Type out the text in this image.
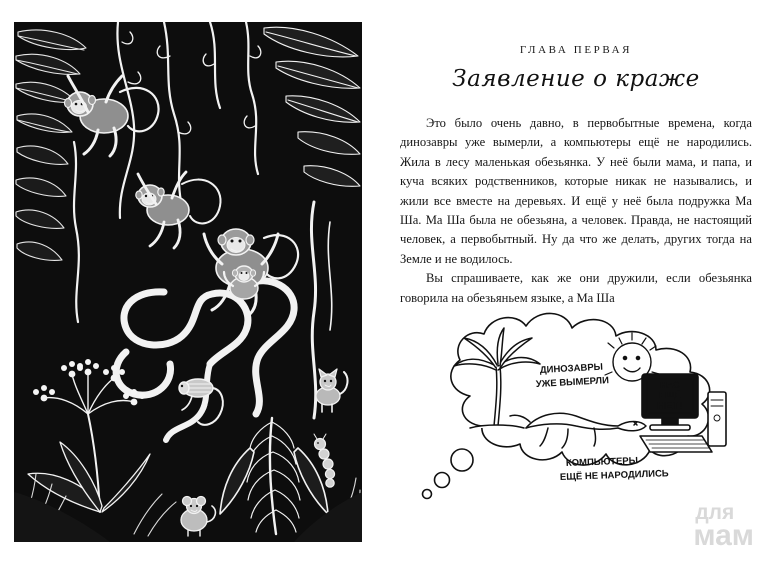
ГЛАВА ПЕРВАЯ
Заявление о краже

Это было очень давно, в первобытные времена, когда динозавры уже вымерли, а компьютеры ещё не народились. Жила в лесу маленькая обезьянка. У неё были мама, и папа, и куча всяких родственников, которые никак не назывались, и жили все вместе на деревьях. И ещё у неё была подружка Ма Ша. Ма Ша была не обезьяна, а человек. Правда, не настоящий человек, а первобытный. Ну да что же делать, других тогда на Земле и не водилось.

Вы спрашиваете, как же они дружили, если обезьянка говорила на обезьяньем языке, а Ма Ша

НАС
ЕЩЁ
НЕТ!
ДИНОЗАВРЫ
УЖЕ ВЫМЕРЛИ
КОМПЬЮТЕРЫ
ЕЩЁ НЕ НАРОДИЛИСЬ
для
мам
